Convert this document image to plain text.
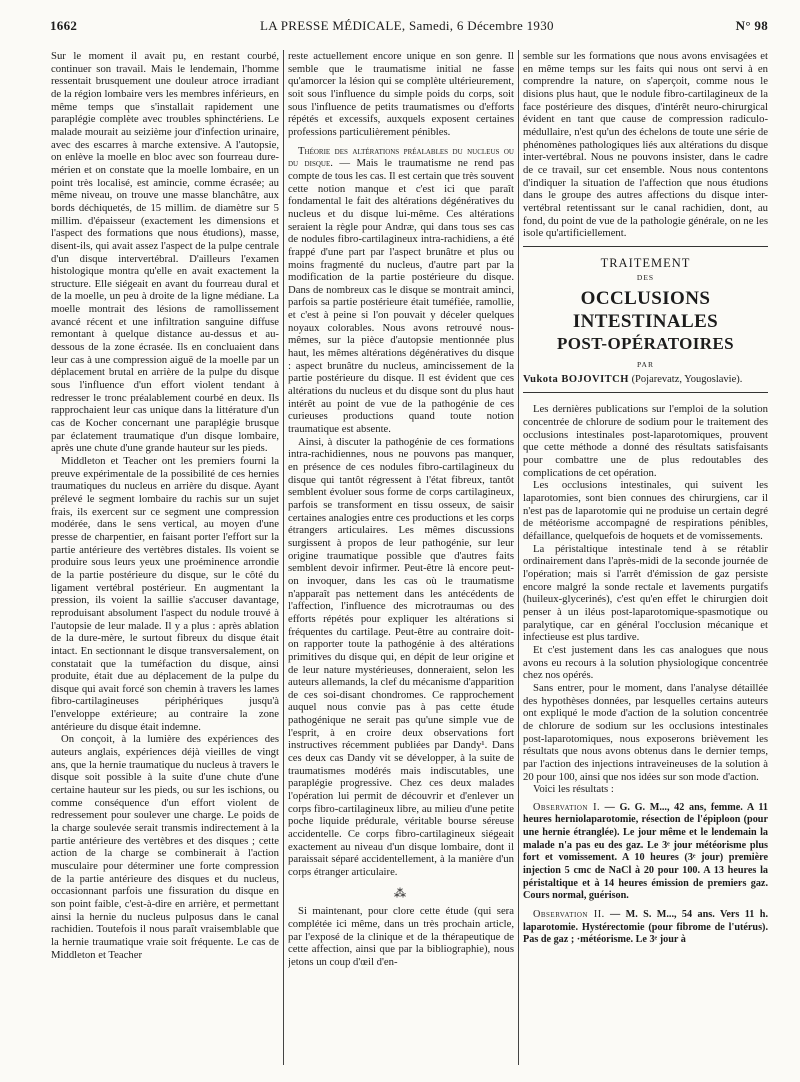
1662	LA PRESSE MÉDICALE, Samedi, 6 Décembre 1930	N° 98

Sur le moment il avait pu, en restant courbé, continuer son travail. Mais le lendemain, l'homme ressentait brusquement une douleur atroce irradiant de la région lombaire vers les membres inférieurs, en même temps que s'installait rapidement une paraplégie complète avec troubles sphinctériens. Le malade mourait au seizième jour d'infection urinaire, avec des escarres à marche extensive. A l'autopsie, on enlève la moelle en bloc avec son fourreau dure-mérien et on constate que la moelle lombaire, en un point très localisé, est amincie, comme écrasée; au même niveau, on trouve une masse blanchâtre, aux bords déchiquetés, de 15 millim. de diamètre sur 5 millim. d'épaisseur (exactement les dimensions et l'aspect des formations que nous étudions), masse, disent-ils, qui avait assez l'aspect de la pulpe centrale d'un disque intervertébral. D'ailleurs l'examen histologique montra qu'elle en avait exactement la structure. Elle siégeait en avant du fourreau dural et de la moelle, un peu à droite de la ligne médiane. La moelle montrait des lésions de ramollissement avancé récent et une infiltration sanguine diffuse remontant à quelque distance au-dessus et au-dessous de la zone écrasée. Ils en concluaient dans leur cas à une compression aiguë de la moelle par un déplacement brutal en arrière de la pulpe du disque sous l'influence d'un effort violent tendant à redresser le tronc préalablement courbé en deux. Ils rapprochaient leur cas unique dans la littérature d'un cas de Kocher concernant une paraplégie brusque par éclatement traumatique d'un disque lombaire, après une chute d'une grande hauteur sur les pieds.

Middleton et Teacher ont les premiers fourni la preuve expérimentale de la possibilité de ces hernies traumatiques du nucleus en arrière du disque. Ayant prélevé le segment lombaire du rachis sur un sujet frais, ils exercent sur ce segment une compression modérée, dans le sens vertical, au moyen d'une presse de charpentier, en faisant porter l'effort sur la partie antérieure des vertèbres distales. Ils voient se produire sous leurs yeux une proéminence arrondie de la partie postérieure du disque, sur le côté du ligament vertébral postérieur. En augmentant la pression, ils voient la saillie s'accuser davantage, reproduisant absolument l'aspect du nodule trouvé à l'autopsie de leur malade. Il y a plus : après ablation de la dure-mère, le surtout fibreux du disque était intact. En sectionnant le disque transversalement, on constatait que la tuméfaction du disque, ainsi produite, était due au déplacement de la pulpe du disque qui avait forcé son chemin à travers les lames fibro-cartilagineuses périphériques jusqu'à l'enveloppe extérieure; au contraire la zone antérieure du disque était indemne.

On conçoit, à la lumière des expériences des auteurs anglais, expériences déjà vieilles de vingt ans, que la hernie traumatique du nucleus à travers le disque soit possible à la suite d'une chute d'une certaine hauteur sur les pieds, ou sur les ischions, ou comme conséquence d'un effort violent de redressement pour soulever une charge. Le poids de la charge soulevée serait transmis indirectement à la partie antérieure des vertèbres et des disques ; cette action de la charge se combinerait à l'action musculaire pour déterminer une forte compression de la partie antérieure des disques et du nucleus, occasionnant parfois une fissuration du disque en son point faible, c'est-à-dire en arrière, et permettant ainsi la hernie du nucleus pulposus dans le canal rachidien. Toutefois il nous paraît vraisemblable que la hernie traumatique vraie soit fréquente. Le cas de Middleton et Teacher

reste actuellement encore unique en son genre. Il semble que le traumatisme initial ne fasse qu'amorcer la lésion qui se complète ultérieurement, soit sous l'influence du simple poids du corps, soit sous l'influence de petits traumatismes ou d'efforts répétés et excessifs, auxquels exposent certaines professions particulièrement pénibles.

Théorie des altérations préalables du nucleus ou du disque. — Mais le traumatisme ne rend pas compte de tous les cas. Il est certain que très souvent cette notion manque et c'est ici que paraît fondamental le fait des altérations dégénératives du nucleus et du disque lui-même. Ces altérations seraient la règle pour Andræ, qui dans tous ses cas de nodules fibro-cartilagineux intra-rachidiens, a été frappé d'une part par l'aspect brunâtre et plus ou moins fragmenté du nucleus, d'autre part par la modification de la partie postérieure du disque. Dans de nombreux cas le disque se montrait aminci, parfois sa partie postérieure était tuméfiée, ramollie, et c'est à peine si l'on pouvait y déceler quelques noyaux colorables. Nous avons retrouvé nous-mêmes, sur la pièce d'autopsie mentionnée plus haut, les mêmes altérations dégénératives du disque : aspect brunâtre du nucleus, amincissement de la partie postérieure du disque. Il est évident que ces altérations du nucleus et du disque sont du plus haut intérêt au point de vue de la pathogénie de ces curieuses productions quand toute notion traumatique est absente.

Ainsi, à discuter la pathogénie de ces formations intra-rachidiennes, nous ne pouvons pas manquer, en présence de ces nodules fibro-cartilagineux du disque qui tantôt régressent à l'état fibreux, tantôt semblent évoluer sous forme de corps cartilagineux, parfois se transforment en tissu osseux, de saisir certaines analogies entre ces productions et les corps étrangers articulaires. Les mêmes discussions surgissent à propos de leur pathogénie, sur leur origine traumatique possible que d'autres faits semblent devoir infirmer. Peut-être là encore peut-on invoquer, dans les cas où le traumatisme n'apparaît pas nettement dans les antécédents de l'affection, l'influence des microtraumas ou des efforts répétés pour expliquer les altérations si fréquentes du cartilage. Peut-être au contraire doit-on rapporter toute la pathogénie à des altérations primitives du disque qui, en dépit de leur origine et de leur nature mystérieuses, donneraient, selon les auteurs allemands, la clef du mécanisme d'apparition de ces soi-disant chondromes. Ce rapprochement auquel nous convie pas à pas cette étude pathogénique ne serait pas qu'une simple vue de l'esprit, à en croire deux observations fort instructives récemment publiées par Dandy¹. Dans ces deux cas Dandy vit se développer, à la suite de traumatismes modérés mais indiscutables, une paraplégie progressive. Chez ces deux malades l'opération lui permit de découvrir et d'enlever un corps fibro-cartilagineux libre, au milieu d'une petite poche liquide prédurale, véritable bourse séreuse accidentelle. Ce corps fibro-cartilagineux siégeait exactement au niveau d'un disque lombaire, dont il paraissait séparé accidentellement, à la manière d'un corps étranger articulaire.

⁂

Si maintenant, pour clore cette étude (qui sera complétée ici même, dans un très prochain article, par l'exposé de la clinique et de la thérapeutique de cette affection, ainsi que par la bibliographie), nous jetons un coup d'œil d'en-

semble sur les formations que nous avons envisagées et en même temps sur les faits qui nous ont servi à en comprendre la nature, on s'aperçoit, comme nous le disions plus haut, que le nodule fibro-cartilagineux de la face postérieure des disques, d'intérêt neuro-chirurgical évident en tant que cause de compression radiculo-médullaire, n'est qu'un des échelons de toute une série de phénomènes pathologiques liés aux altérations du disque inter-vertébral. Nous ne pouvons insister, dans le cadre de ce travail, sur cet ensemble. Nous nous contentons d'indiquer la situation de l'affection que nous étudions dans le groupe des autres affections du disque inter-vertébral retentissant sur le canal rachidien, dont, au fond, du point de vue de la pathologie générale, on ne les isole qu'artificiellement.

TRAITEMENT
DES
OCCLUSIONS INTESTINALES
POST-OPÉRATOIRES
PAR
Vukota BOJOVITCH (Pojarevatz, Yougoslavie).

Les dernières publications sur l'emploi de la solution concentrée de chlorure de sodium pour le traitement des occlusions intestinales post-laparotomiques, prouvent que cette méthode a donné des résultats satisfaisants pour combattre une de plus redoutables des complications de cet opération.

Les occlusions intestinales, qui suivent les laparotomies, sont bien connues des chirurgiens, car il n'est pas de laparotomie qui ne produise un certain degré de météorisme accompagné de respirations pénibles, défaillance, quelquefois de hoquets et de vomissements.

La péristaltique intestinale tend à se rétablir ordinairement dans l'après-midi de la seconde journée de l'opération; mais si l'arrêt d'émission de gaz persiste encore malgré la sonde rectale et lavements purgatifs (huileux-glycerinés), c'est qu'en effet le chirurgien doit penser à un iléus post-laparotomique-spasmotique ou paralytique, car en général l'occlusion mécanique et infectieuse est plus tardive.

Et c'est justement dans les cas analogues que nous avons eu recours à la solution physiologique concentrée chez nos opérés.

Sans entrer, pour le moment, dans l'analyse détaillée des hypothèses données, par lesquelles certains auteurs ont expliqué le mode d'action de la solution concentrée de chlorure de sodium sur les occlusions intestinales post-laparotomiques, nous exposerons brièvement les résultats que nous avons obtenus dans le dernier temps, par l'action des injections intraveineuses de la solution à 20 pour 100, ainsi que nos idées sur son mode d'action.

Voici les résultats :

Observation I. — G. G. M..., 42 ans, femme. A 11 heures herniolaparotomie, résection de l'épiploon (pour une hernie étranglée). Le jour même et le lendemain la malade n'a pas eu des gaz. Le 3ᵉ jour météorisme plus fort et vomissement. A 10 heures (3ᵉ jour) première injection 5 cmc de NaCl à 20 pour 100. A 13 heures la péristaltique et à 14 heures émission de premiers gaz. Cours normal, guérison.

Observation II. — M. S. M..., 54 ans. Vers 11 h. laparotomie. Hystérectomie (pour fibrome de l'utérus). Pas de gaz ; ·météorisme. Le 3ᵉ jour à
